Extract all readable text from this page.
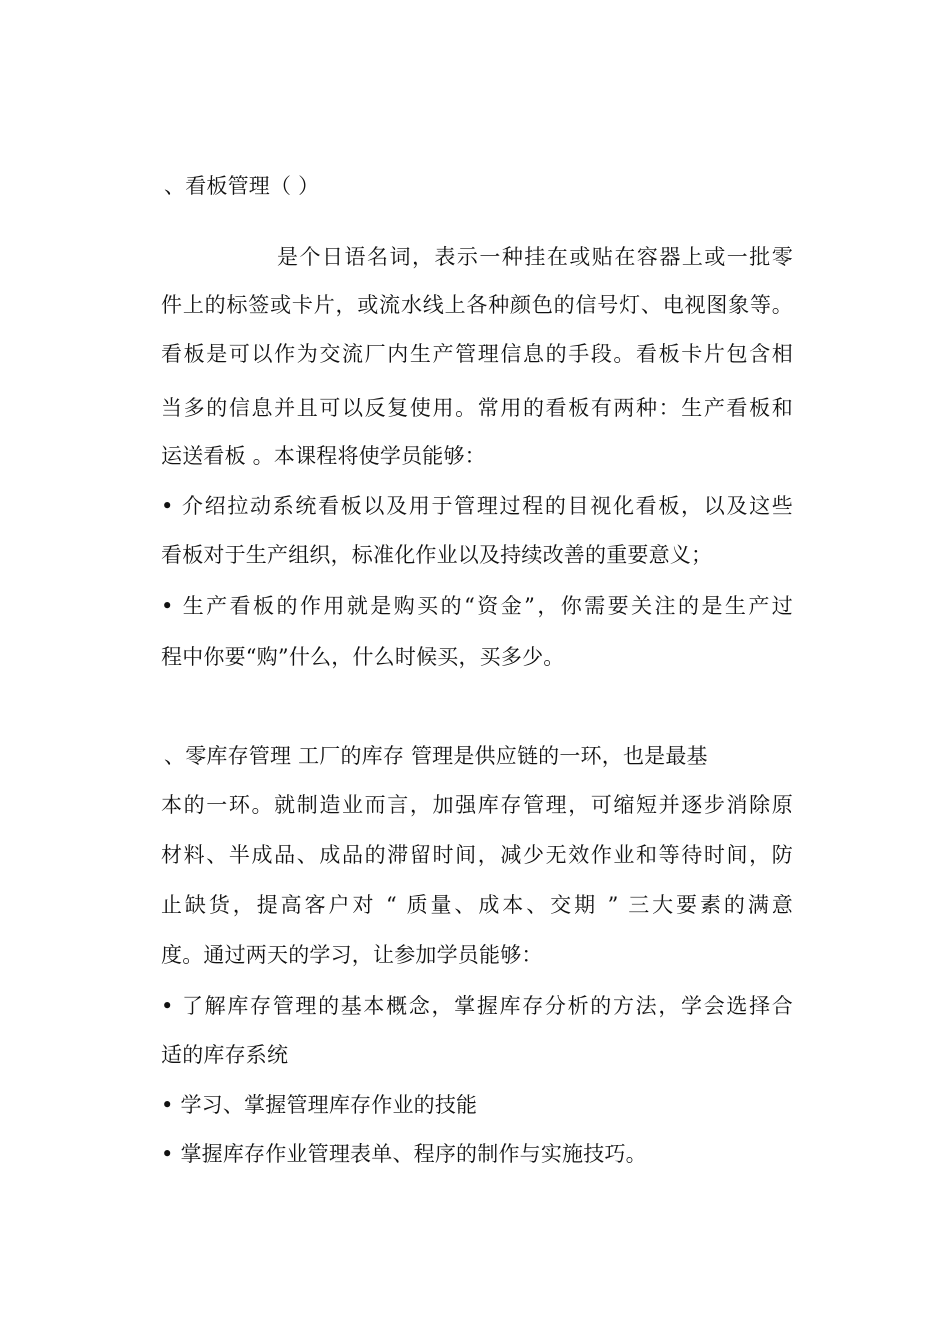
、看板管理（ ）
是个日语名词，表示一种挂在或贴在容器上或一批零
件上的标签或卡片，或流水线上各种颜色的信号灯、电视图象等。
看板是可以作为交流厂内生产管理信息的手段。看板卡片包含相
当多的信息并且可以反复使用。常用的看板有两种：生产看板和
运送看板 。本课程将使学员能够：
• 介绍拉动系统看板以及用于管理过程的目视化看板，以及这些
看板对于生产组织，标准化作业以及持续改善的重要意义；
• 生产看板的作用就是购买的“资金”，你需要关注的是生产过
程中你要“购”什么，什么时候买，买多少。
、零库存管理 工厂的库存 管理是供应链的一环，也是最基
本的一环。就制造业而言，加强库存管理，可缩短并逐步消除原
材料、半成品、成品的滞留时间，减少无效作业和等待时间，防
止缺货，提高客户对 “ 质量、成本、交期 ” 三大要素的满意
度。通过两天的学习，让参加学员能够：
• 了解库存管理的基本概念，掌握库存分析的方法，学会选择合
适的库存系统
• 学习、掌握管理库存作业的技能
• 掌握库存作业管理表单、程序的制作与实施技巧。
